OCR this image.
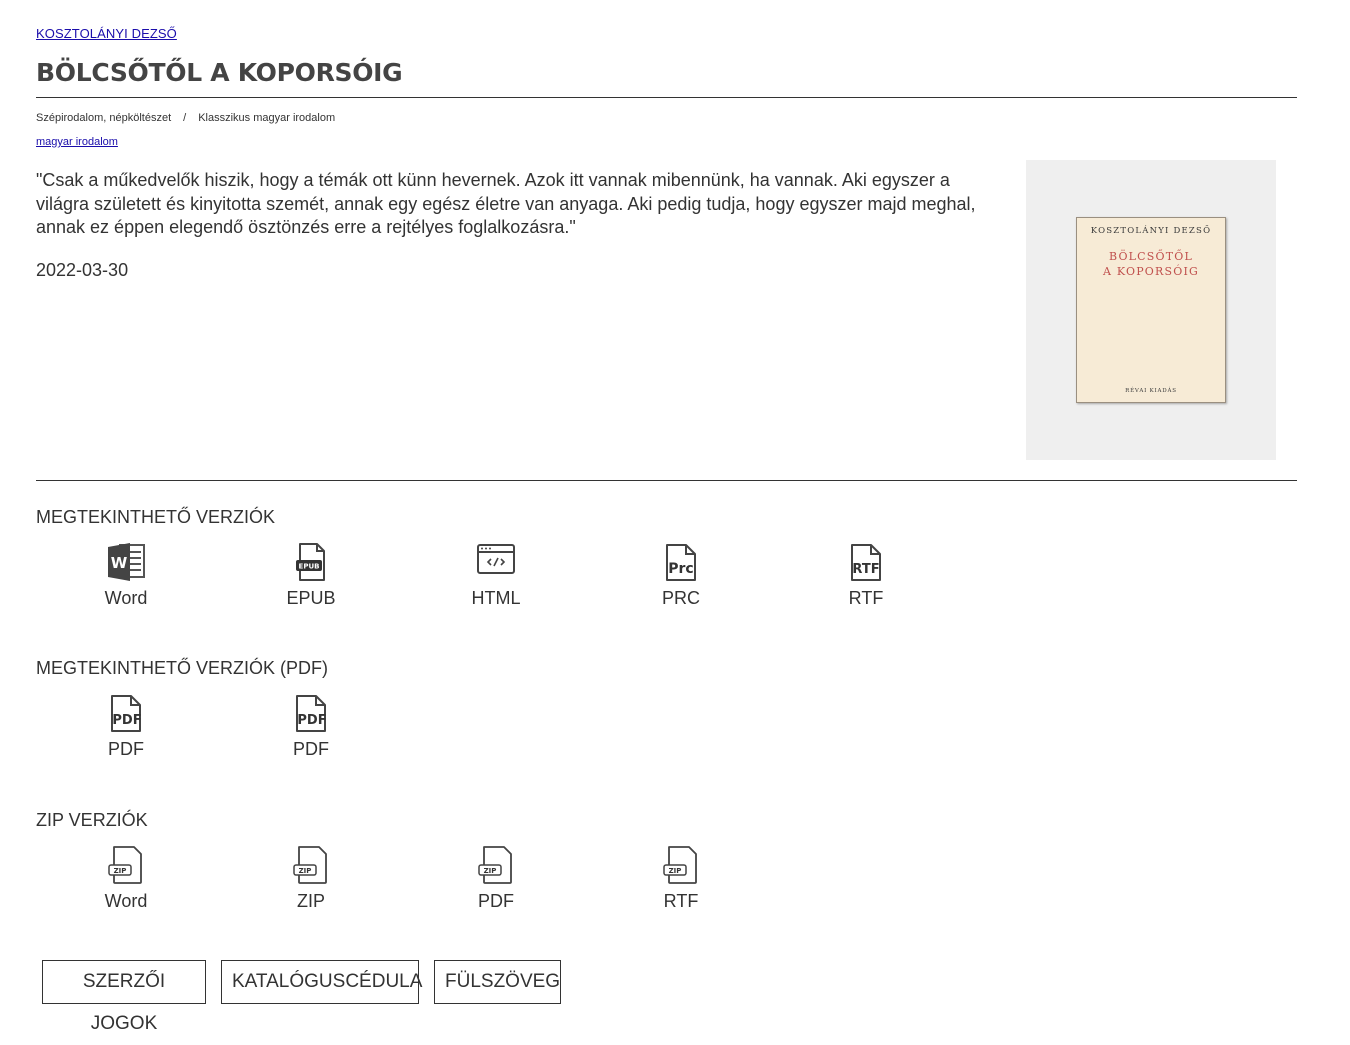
KOSZTOLÁNYI DEZSŐ
BÖLCSŐTŐL A KOPORSÓIG
Szépirodalom, népköltészet / Klasszikus magyar irodalom
magyar irodalom
"Csak a műkedvelők hiszik, hogy a témák ott künn hevernek. Azok itt vannak mibennünk, ha vannak. Aki egyszer a világra született és kinyitotta szemét, annak egy egész életre van anyaga. Aki pedig tudja, hogy egyszer majd meghal, annak ez éppen elegendő ösztönzés erre a rejtélyes foglalkozásra."
2022-03-30
KOSZTOLÁNYI DEZSŐ
BÖLCSŐTŐL
A KOPORSÓIG
RÉVAI KIADÁS
MEGTEKINTHETŐ VERZIÓK
W
Word
EPUB
EPUB	HTML
Prc
PRC
RTF
RTF
MEGTEKINTHETŐ VERZIÓK (PDF)
PDF
PDF
PDF
PDF
ZIP VERZIÓK
ZIP
Word
ZIP
ZIP
ZIP
PDF
ZIP
RTF
SZERZŐI JOGOK
KATALÓGUSCÉDULA	FÜLSZÖVEG
